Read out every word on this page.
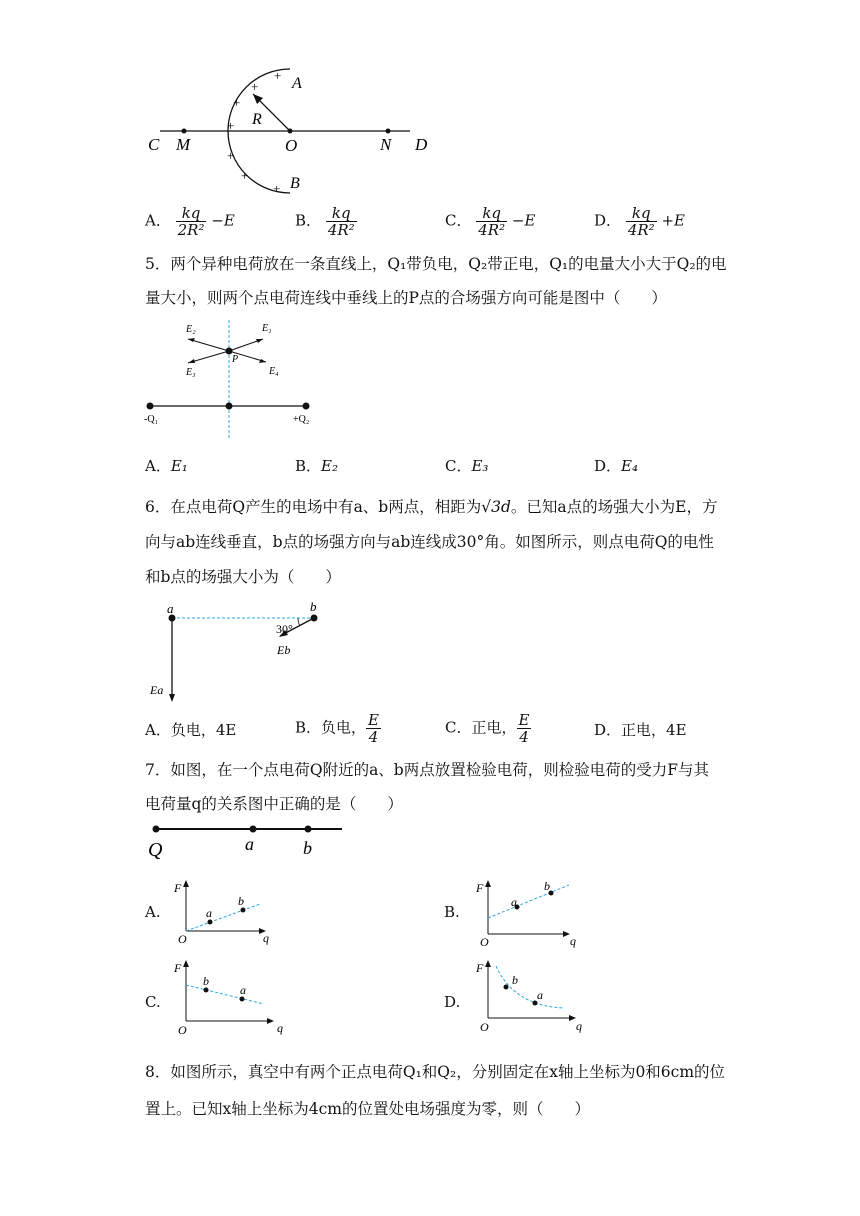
C M	O	N D
A
B
R
+
+
+
+
+
+
+
A． $\frac{kq}{\text{2R²}} -E$	B． $\frac{kq}{\text{4R²}}$	C． $\frac{kq}{\text{4R²}} -E$	D． $\frac{kq}{\text{4R²}} +E$
5．两个异种电荷放在一条直线上，Q₁带负电，Q₂带正电，Q₁的电量大小大于Q₂的电
量大小，则两个点电荷连线中垂线上的P点的合场强方向可能是图中（　　）
E₂	E₁
E₃	E₄
P
-Q₁	+Q₂
A．E₁	B．E₂	C．E₃	D．E₄
6．在点电荷Q产生的电场中有a、b两点，相距为√3d。已知a点的场强大小为E，方
向与ab连线垂直，b点的场强方向与ab连线成30°角。如图所示，则点电荷Q的电性
和b点的场强大小为（　　）
a	b
30°
Eb
Ea
A．负电，4E	B．负电， $\frac{E}{4}$	C．正电， $\frac{E}{4}$	D．正电，4E
7．如图，在一个点电荷Q附近的a、b两点放置检验电荷，则检验电荷的受力F与其
电荷量q的关系图中正确的是（　　）
Q	a	b
A.
F
O	q
a
b
B.
F
O	q
a
b
C.
F
O	q
b
a
D.
F
O	q
b
a
8．如图所示，真空中有两个正点电荷Q₁和Q₂，分别固定在x轴上坐标为0和6cm的位
置上。已知x轴上坐标为4cm的位置处电场强度为零，则（　　）
